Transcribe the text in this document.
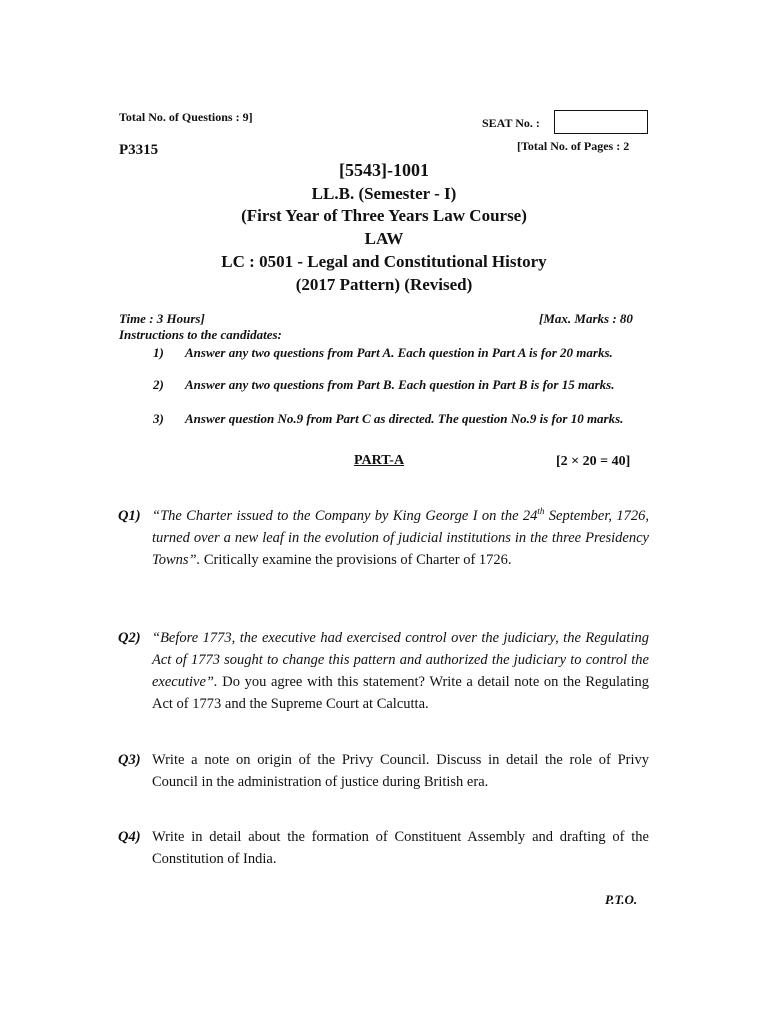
Total No. of Questions : 9]	SEAT No. :
P3315	[Total No. of Pages : 2
[5543]-1001
LL.B. (Semester - I)
(First Year of Three Years Law Course)
LAW
LC : 0501 - Legal and Constitutional History
(2017 Pattern) (Revised)
Time : 3 Hours]	[Max. Marks : 80
Instructions to the candidates:
1) Answer any two questions from Part A. Each question in Part A is for 20 marks.
2) Answer any two questions from Part B. Each question in Part B is for 15 marks.
3) Answer question No.9 from Part C as directed. The question No.9 is for 10 marks.
PART-A	[2 × 20 = 40]
Q1) “The Charter issued to the Company by King George I on the 24th September, 1726, turned over a new leaf in the evolution of judicial institutions in the three Presidency Towns”. Critically examine the provisions of Charter of 1726.
Q2) “Before 1773, the executive had exercised control over the judiciary, the Regulating Act of 1773 sought to change this pattern and authorized the judiciary to control the executive”. Do you agree with this statement? Write a detail note on the Regulating Act of 1773 and the Supreme Court at Calcutta.
Q3) Write a note on origin of the Privy Council. Discuss in detail the role of Privy Council in the administration of justice during British era.
Q4) Write in detail about the formation of Constituent Assembly and drafting of the Constitution of India.
P.T.O.
